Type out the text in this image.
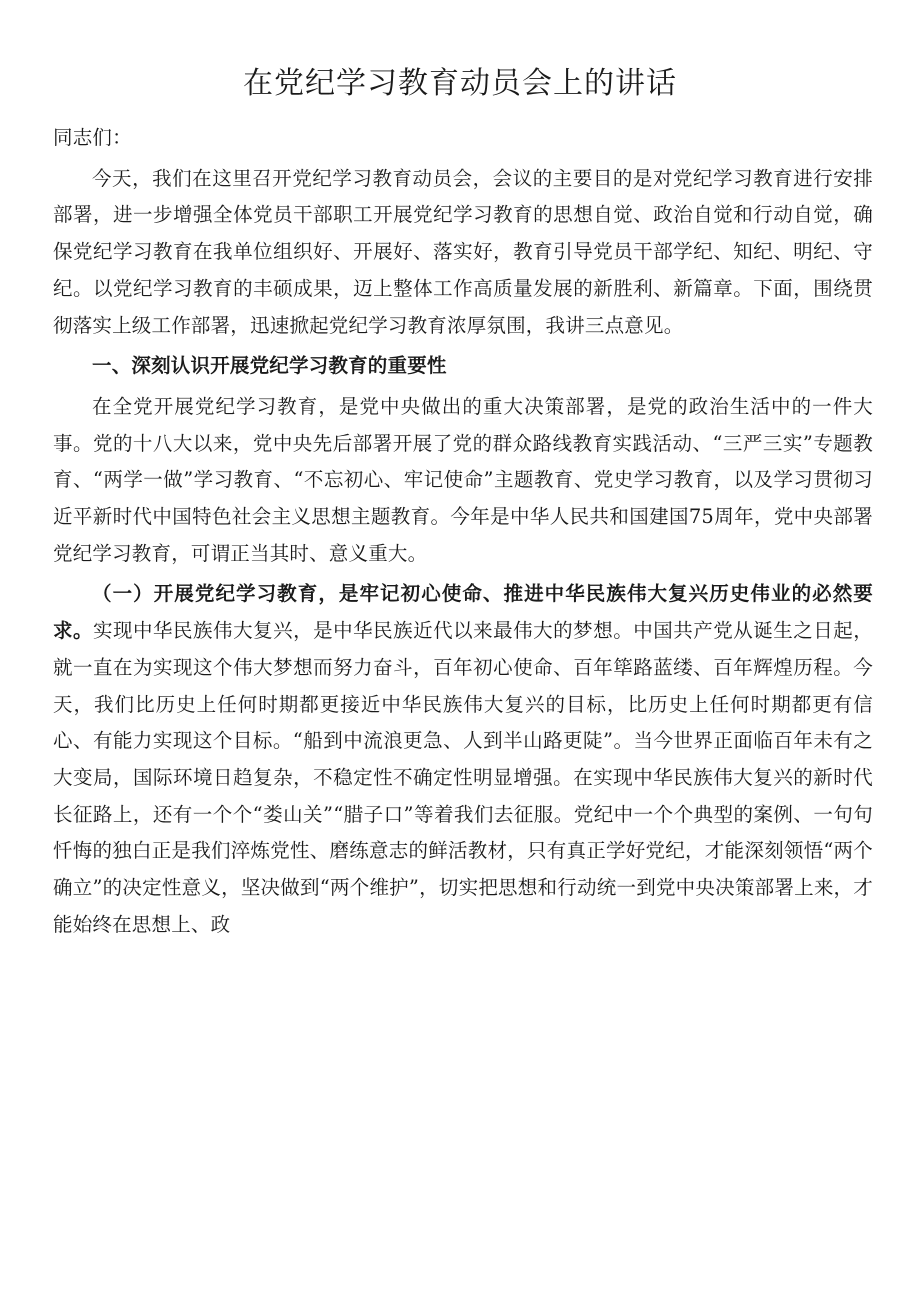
在党纪学习教育动员会上的讲话

同志们：

今天，我们在这里召开党纪学习教育动员会，会议的主要目的是对党纪学习教育进行安排部署，进一步增强全体党员干部职工开展党纪学习教育的思想自觉、政治自觉和行动自觉，确保党纪学习教育在我单位组织好、开展好、落实好，教育引导党员干部学纪、知纪、明纪、守纪。以党纪学习教育的丰硕成果，迈上整体工作高质量发展的新胜利、新篇章。下面，围绕贯彻落实上级工作部署，迅速掀起党纪学习教育浓厚氛围，我讲三点意见。

一、深刻认识开展党纪学习教育的重要性

在全党开展党纪学习教育，是党中央做出的重大决策部署，是党的政治生活中的一件大事。党的十八大以来，党中央先后部署开展了党的群众路线教育实践活动、“三严三实”专题教育、“两学一做”学习教育、“不忘初心、牢记使命”主题教育、党史学习教育，以及学习贯彻习近平新时代中国特色社会主义思想主题教育。今年是中华人民共和国建国75周年，党中央部署党纪学习教育，可谓正当其时、意义重大。

（一）开展党纪学习教育，是牢记初心使命、推进中华民族伟大复兴历史伟业的必然要求。实现中华民族伟大复兴，是中华民族近代以来最伟大的梦想。中国共产党从诞生之日起，就一直在为实现这个伟大梦想而努力奋斗，百年初心使命、百年筚路蓝缕、百年辉煌历程。今天，我们比历史上任何时期都更接近中华民族伟大复兴的目标，比历史上任何时期都更有信心、有能力实现这个目标。“船到中流浪更急、人到半山路更陡”。当今世界正面临百年未有之大变局，国际环境日趋复杂，不稳定性不确定性明显增强。在实现中华民族伟大复兴的新时代长征路上，还有一个个“娄山关”“腊子口”等着我们去征服。党纪中一个个典型的案例、一句句忏悔的独白正是我们淬炼党性、磨练意志的鲜活教材，只有真正学好党纪，才能深刻领悟“两个确立”的决定性意义，坚决做到“两个维护”，切实把思想和行动统一到党中央决策部署上来，才能始终在思想上、政
